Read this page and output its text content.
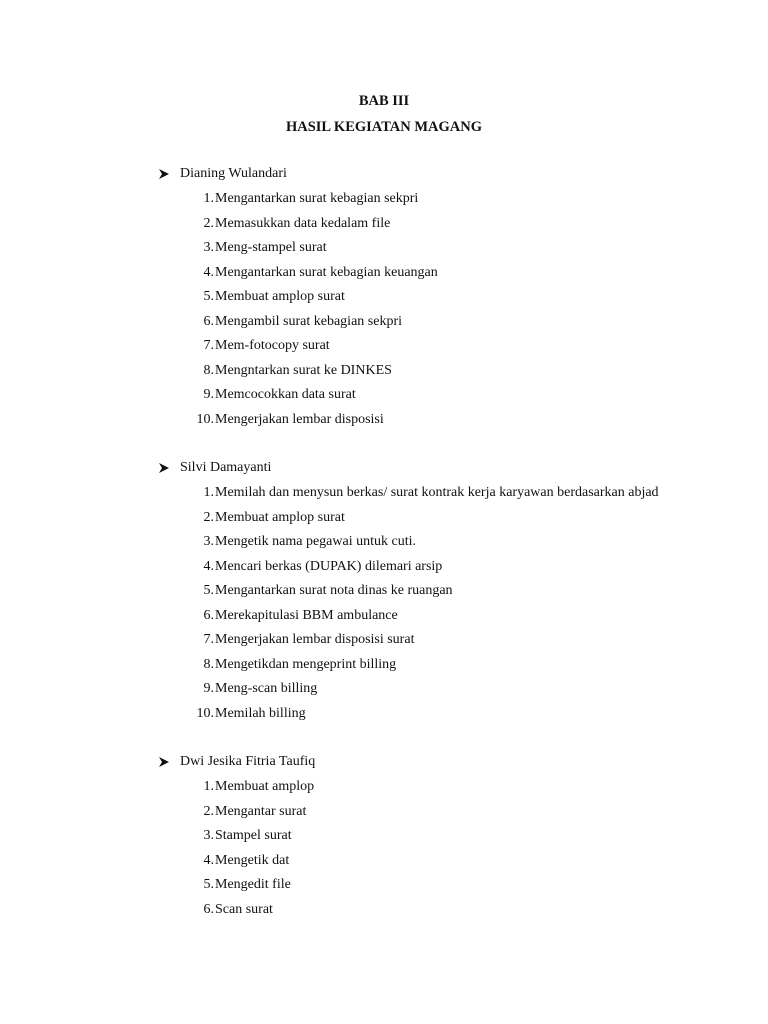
BAB III
HASIL KEGIATAN MAGANG
Dianing Wulandari
1.Mengantarkan surat kebagian sekpri
2.Memasukkan data kedalam file
3.Meng-stampel surat
4.Mengantarkan surat kebagian keuangan
5.Membuat amplop surat
6.Mengambil surat kebagian sekpri
7.Mem-fotocopy surat
8.Mengntarkan surat ke DINKES
9.Memcocokkan data surat
10.Mengerjakan lembar disposisi
Silvi Damayanti
1.Memilah dan menysun berkas/ surat kontrak kerja karyawan berdasarkan abjad
2.Membuat amplop surat
3.Mengetik nama pegawai untuk cuti.
4.Mencari berkas (DUPAK) dilemari arsip
5.Mengantarkan surat nota dinas ke ruangan
6.Merekapitulasi BBM ambulance
7.Mengerjakan lembar disposisi surat
8.Mengetikdan mengeprint billing
9.Meng-scan billing
10.Memilah billing
Dwi Jesika Fitria Taufiq
1.Membuat amplop
2.Mengantar surat
3.Stampel surat
4.Mengetik dat
5.Mengedit file
6.Scan surat
